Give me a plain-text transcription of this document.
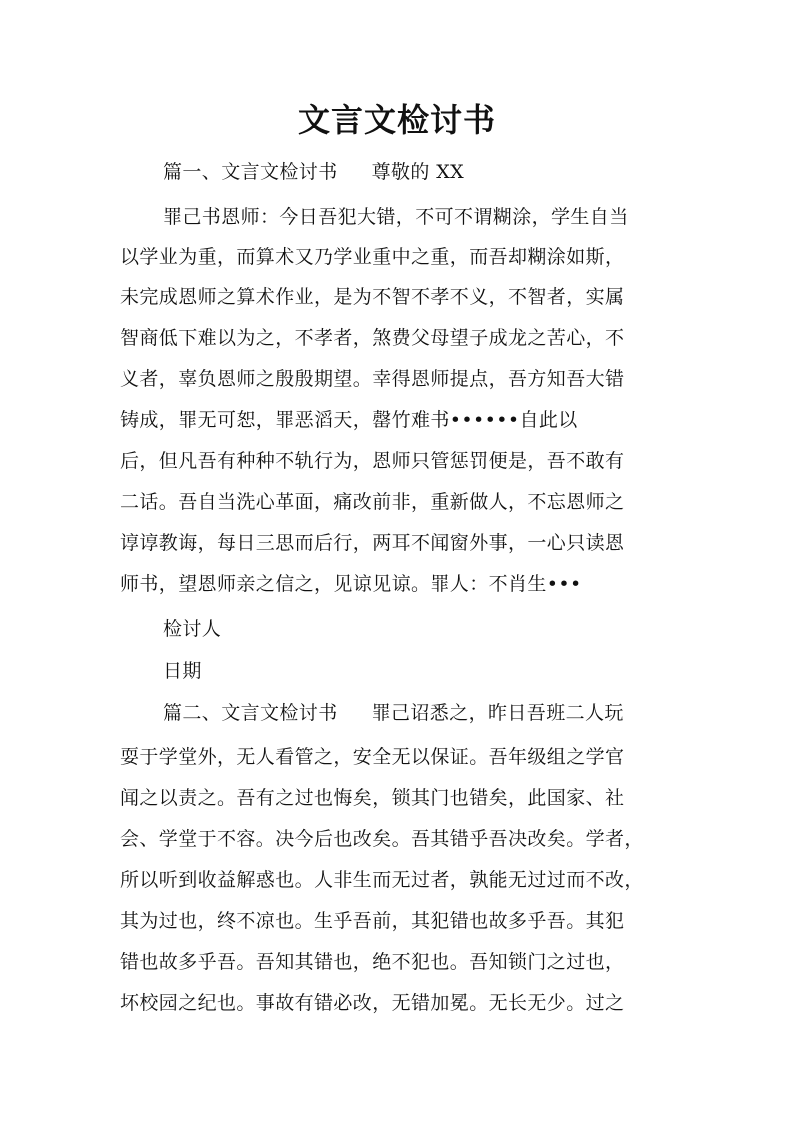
文言文检讨书
篇一、文言文检讨书 尊敬的 XX
罪己书恩师：今日吾犯大错，不可不谓糊涂，学生自当
以学业为重，而算术又乃学业重中之重，而吾却糊涂如斯，
未完成恩师之算术作业，是为不智不孝不义，不智者，实属
智商低下难以为之，不孝者，煞费父母望子成龙之苦心，不
义者，辜负恩师之殷殷期望。幸得恩师提点，吾方知吾大错
铸成，罪无可恕，罪恶滔天，罄竹难书••••••自此以
后，但凡吾有种种不轨行为，恩师只管惩罚便是，吾不敢有
二话。吾自当洗心革面，痛改前非，重新做人，不忘恩师之
谆谆教诲，每日三思而后行，两耳不闻窗外事，一心只读恩
师书，望恩师亲之信之，见谅见谅。罪人：不肖生•••
检讨人
日期
篇二、文言文检讨书 罪己诏悉之，昨日吾班二人玩
耍于学堂外，无人看管之，安全无以保证。吾年级组之学官
闻之以责之。吾有之过也悔矣，锁其门也错矣，此国家、社
会、学堂于不容。决今后也改矣。吾其错乎吾决改矣。学者，
所以听到收益解惑也。人非生而无过者，孰能无过过而不改，
其为过也，终不凉也。生乎吾前，其犯错也故多乎吾。其犯
错也故多乎吾。吾知其错也，绝不犯也。吾知锁门之过也，
坏校园之纪也。事故有错必改，无错加冕。无长无少。过之
